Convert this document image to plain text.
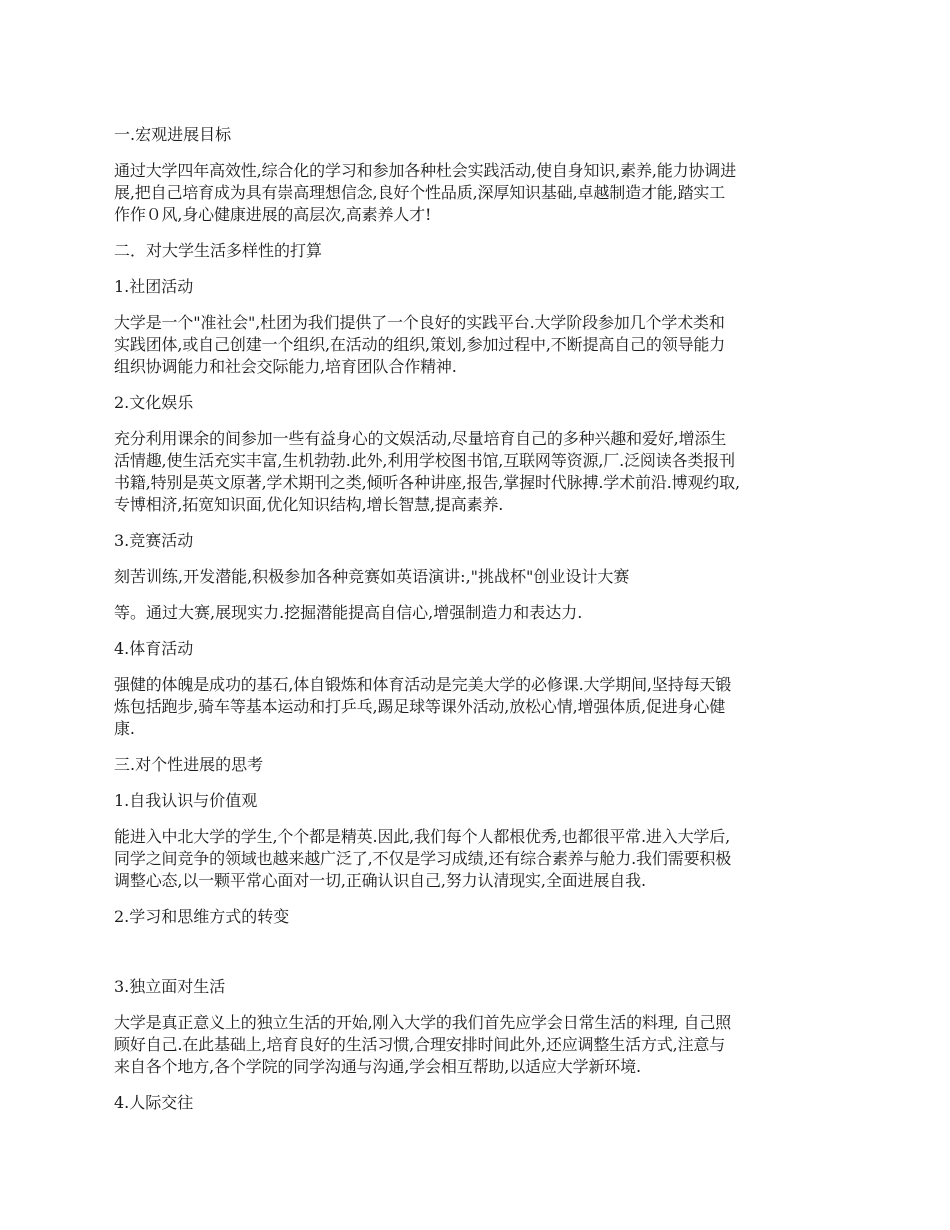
一.宏观进展目标

通过大学四年高效性,综合化的学习和参加各种杜会实践活动,使自身知识,素养,能力协调进

展,把自己培育成为具有崇高理想信念,良好个性品质,深厚知识基础,卓越制造才能,踏实工

作作０风,身心健康进展的高层次,高素养人才!

二．对大学生活多样性的打算

1.社团活动

大学是一个"准社会",杜团为我们提供了一个良好的实践平台.大学阶段参加几个学术类和

实践团体,或自己创建一个组织,在活动的组织,策划,参加过程中,不断提高自己的领导能力

组织协调能力和社会交际能力,培育团队合作精神.

2.文化娱乐

充分利用课余的间参加一些有益身心的文娱活动,尽量培育自己的多种兴趣和爱好,增添生

活情趣,使生活充实丰富,生机勃勃.此外,利用学校图书馆,互联网等资源,厂.泛阅读各类报刊

书籍,特别是英文原著,学术期刊之类,倾听各种讲座,报告,掌握时代脉搏.学术前沿.博观约取,

专博相济,拓宽知识面,优化知识结构,增长智慧,提高素养.

3.竞赛活动

刻苦训练,开发潜能,积极参加各种竞赛如英语演讲:,"挑战杯"创业设计大赛

等。通过大赛,展现实力.挖掘潜能提高自信心,增强制造力和表达力.

4.体育活动

强健的体魄是成功的基石,体自锻炼和体育活动是完美大学的必修课.大学期间,坚持每天锻

炼包括跑步,骑车等基本运动和打乒乓,踢足球等课外活动,放松心情,增强体质,促进身心健

康.

三.对个性进展的思考

1.自我认识与价值观

能进入中北大学的学生,个个都是精英.因此,我们每个人都根优秀,也都很平常.进入大学后,

同学之间竞争的领域也越来越广泛了,不仅是学习成绩,还有综合素养与舱力.我们需要积极

调整心态,以一颗平常心面对一切,正确认识自己,努力认清现实,全面进展自我.

2.学习和思维方式的转变

3.独立面对生活

大学是真正意义上的独立生活的开始,刚入大学的我们首先应学会日常生活的料理, 自己照

顾好自己.在此基础上,培育良好的生活习惯,合理安排时间此外,还应调整生活方式,注意与

来自各个地方,各个学院的同学沟通与沟通,学会相互帮助,以适应大学新环境.

4.人际交往
